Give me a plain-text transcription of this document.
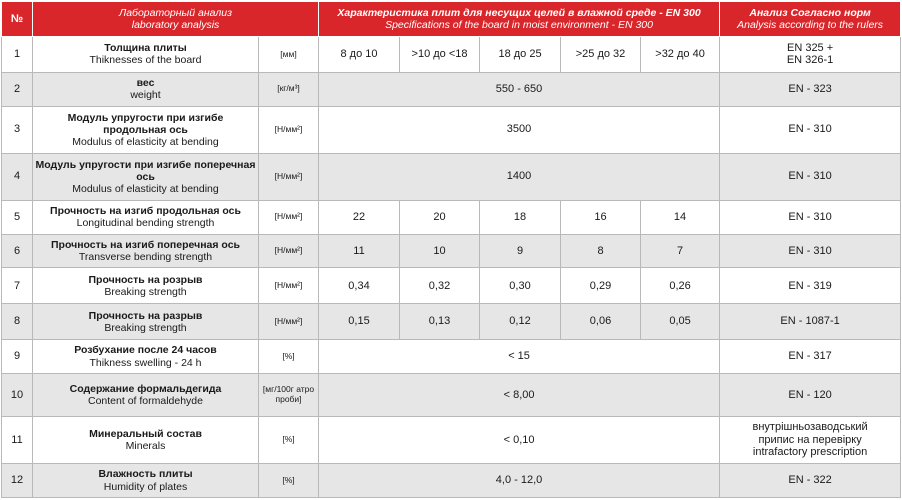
№	Лабораторный анализ
laboratory analysis		Характеристика плит для несущих целей в влажной среде - EN 300
Specifications of the board in moist environment - EN 300					Анализ Согласно норм
Analysis according to the rulers

1	Толщина плиты
Thiknesses of the board	[мм]	8 до 10	>10 до <18	18 до 25	>25 до 32	>32 до 40	EN 325 +
EN 326-1

2	вес
weight	[кг/м³]	550 - 650					EN - 323

3	Модуль упругости при изгибе продольная ось
Modulus of elasticity at bending	[Н/мм²]	3500					EN - 310

4	Модуль упругости при изгибе поперечная ось
Modulus of elasticity at bending	[Н/мм²]	1400					EN - 310

5	Прочность на изгиб продольная ось
Longitudinal bending strength	[Н/мм²]	22	20	18	16	14	EN - 310

6	Прочность на изгиб поперечная ось
Transverse bending strength	[Н/мм²]	11	10	9	8	7	EN - 310

7	Прочность на розрыв
Breaking strength	[Н/мм²]	0,34	0,32	0,30	0,29	0,26	EN - 319

8	Прочность на разрыв
Breaking strength	[Н/мм²]	0,15	0,13	0,12	0,06	0,05	EN - 1087-1

9	Розбухание после 24 часов
Thikness swelling - 24 h	[%]	< 15					EN - 317

10	Содержание формальдегида
Content of formaldehyde	[мг/100г атро проби]	< 8,00					EN - 120

11	Минеральный состав
Minerals	[%]	< 0,10					внутрішньозаводський
припис на перевірку
intrafactory prescription

12	Влажность плиты
Humidity of plates	[%]	4,0 - 12,0					EN - 322
